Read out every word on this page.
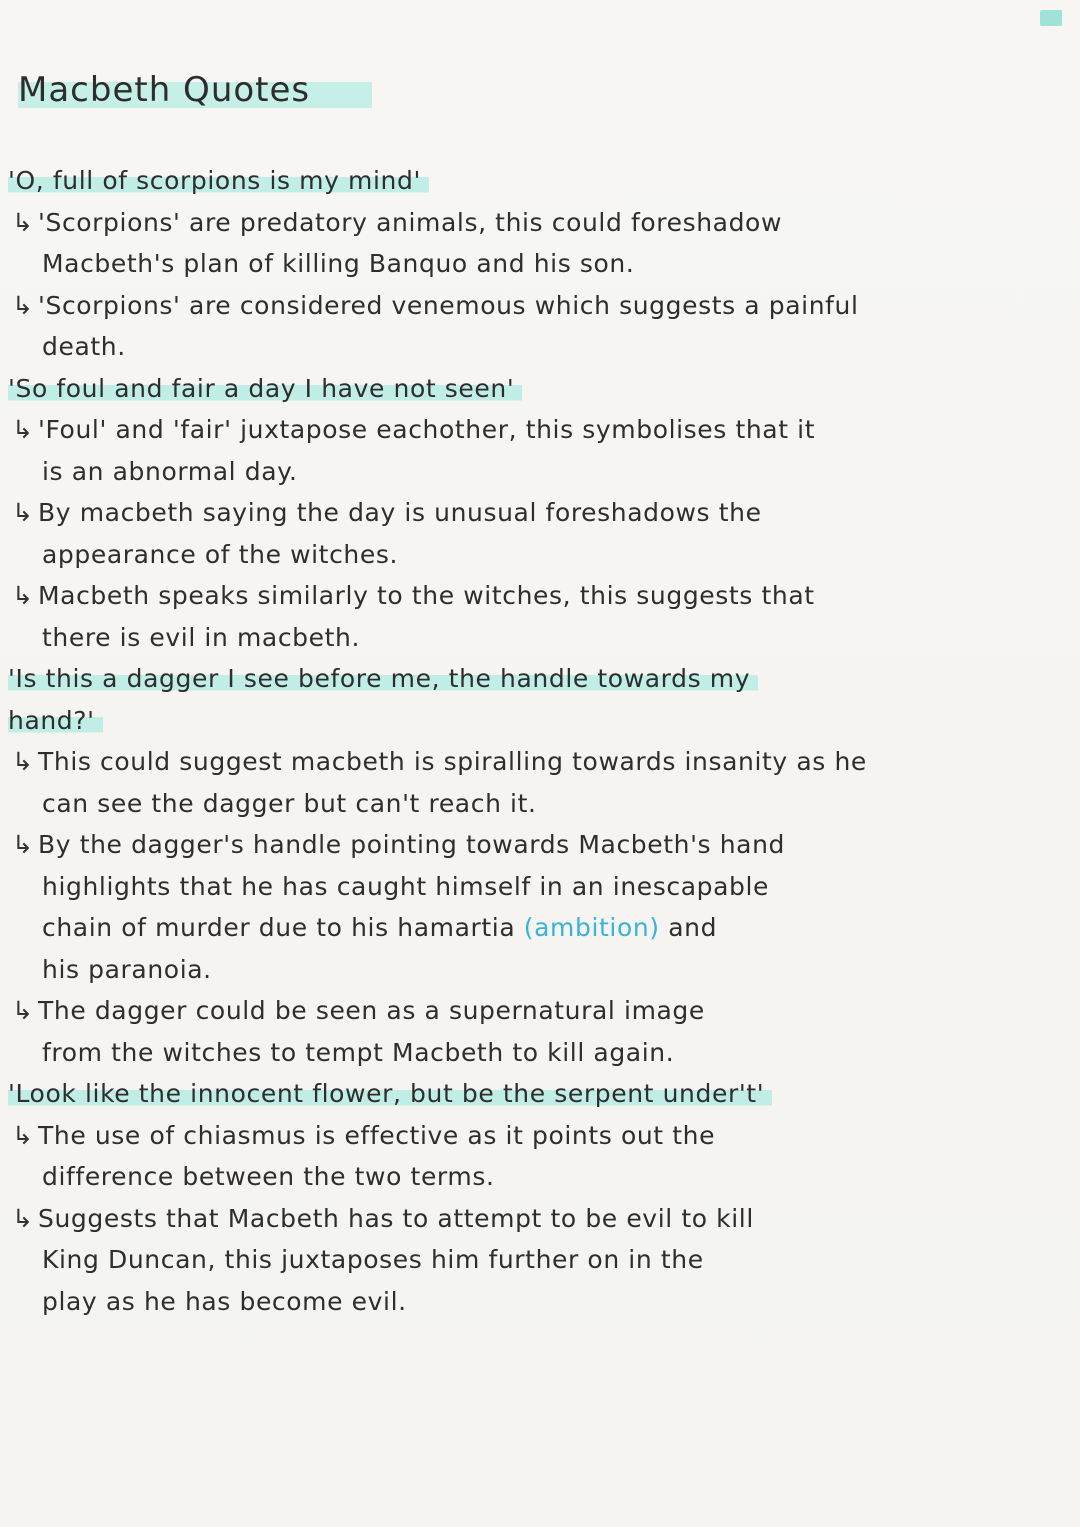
Macbeth Quotes
'O, full of scorpions is my mind'
↳ 'Scorpions' are predatory animals, this could foreshadow
Macbeth's plan of killing Banquo and his son.
↳ 'Scorpions' are considered venemous which suggests a painful
death.
'So foul and fair a day I have not seen'
↳ 'Foul' and 'fair' juxtapose eachother, this symbolises that it
is an abnormal day.
↳ By macbeth saying the day is unusual foreshadows the
appearance of the witches.
↳ Macbeth speaks similarly to the witches, this suggests that
there is evil in macbeth.
'Is this a dagger I see before me, the handle towards my
hand?'
↳ This could suggest macbeth is spiralling towards insanity as he
can see the dagger but can't reach it.
↳ By the dagger's handle pointing towards Macbeth's hand
highlights that he has caught himself in an inescapable
chain of murder due to his hamartia (ambition) and
his paranoia.
↳ The dagger could be seen as a supernatural image
from the witches to tempt Macbeth to kill again.
'Look like the innocent flower, but be the serpent under't'
↳ The use of chiasmus is effective as it points out the
difference between the two terms.
↳ Suggests that Macbeth has to attempt to be evil to kill
King Duncan, this juxtaposes him further on in the
play as he has become evil.
